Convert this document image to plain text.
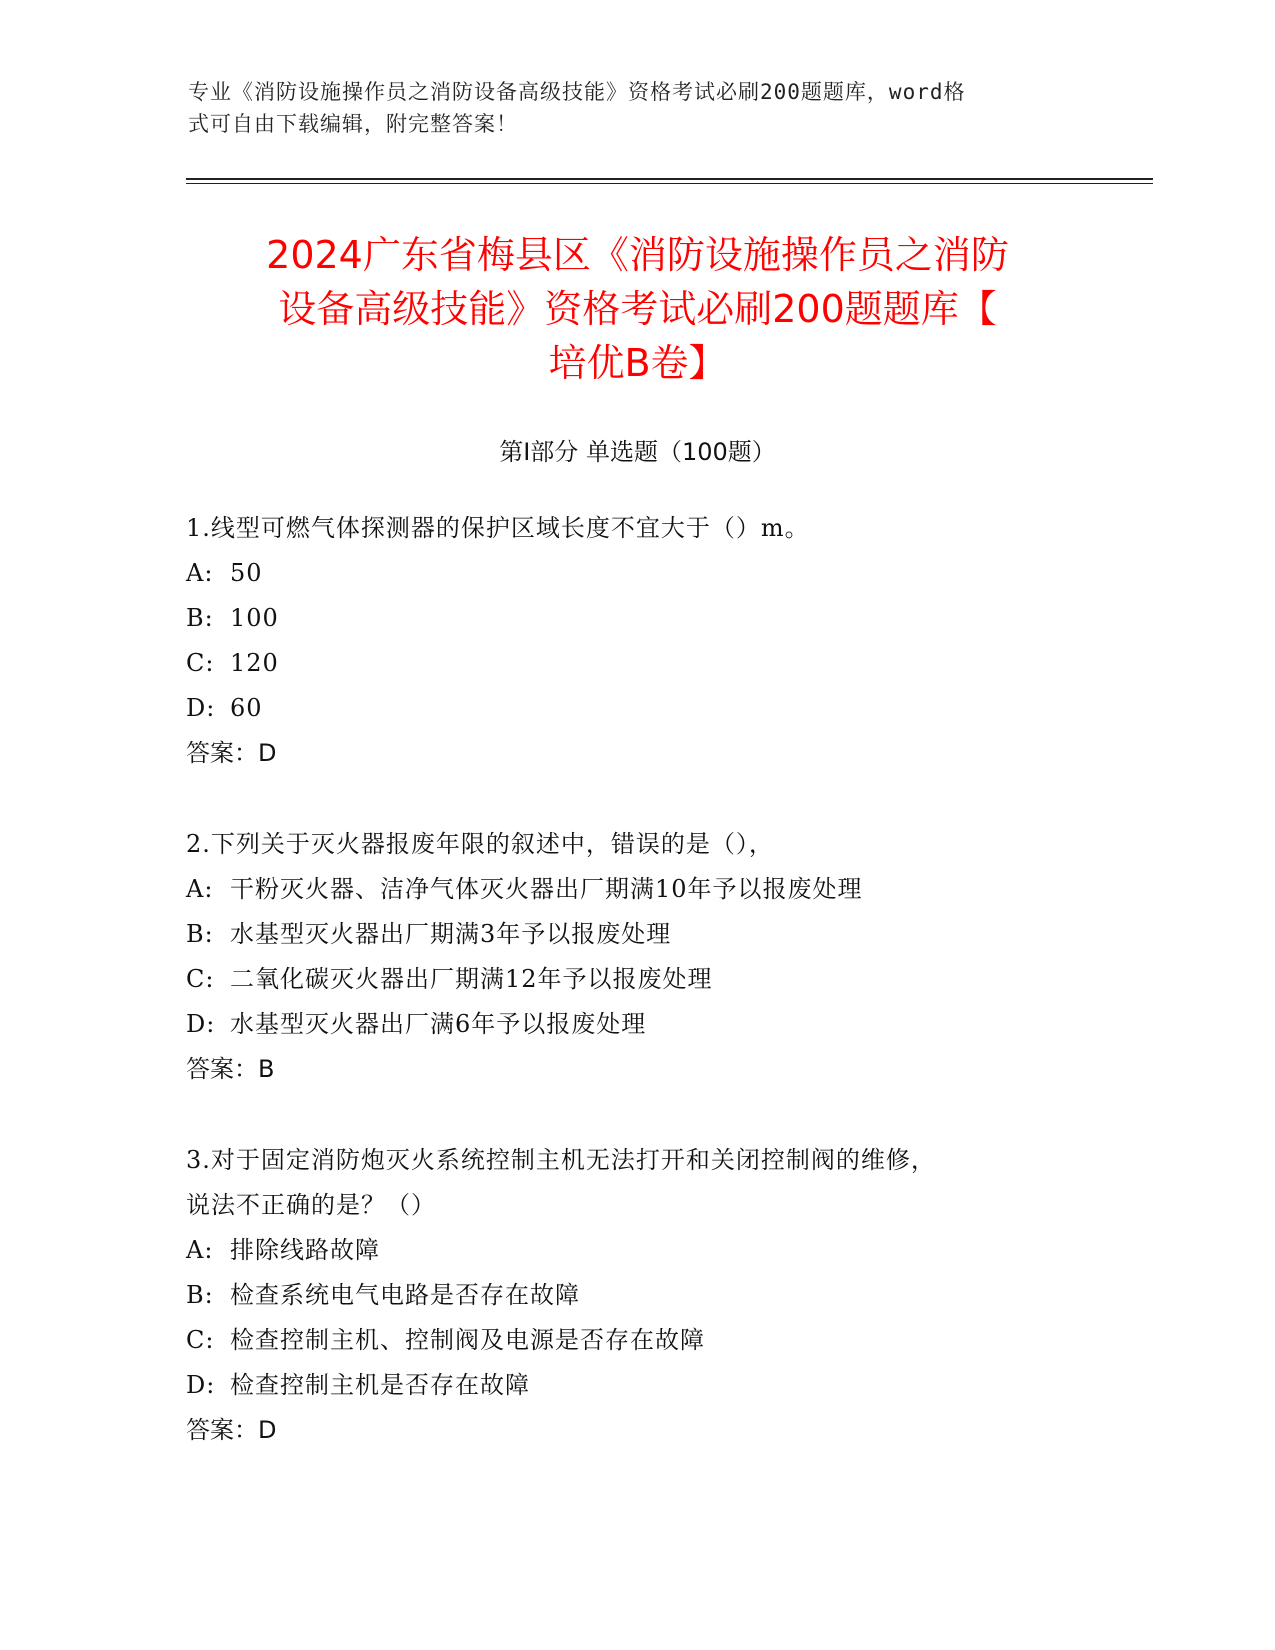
专业《消防设施操作员之消防设备高级技能》资格考试必刷200题题库，word格
式可自由下载编辑，附完整答案！
2024广东省梅县区《消防设施操作员之消防
设备高级技能》资格考试必刷200题题库【
培优B卷】
第I部分 单选题（100题）
1.线型可燃气体探测器的保护区域长度不宜大于（）m。
A: 50
B: 100
C: 120
D: 60
答案：D
2.下列关于灭火器报废年限的叙述中，错误的是（），
A: 干粉灭火器、洁净气体灭火器出厂期满10年予以报废处理
B: 水基型灭火器出厂期满3年予以报废处理
C: 二氧化碳灭火器出厂期满12年予以报废处理
D: 水基型灭火器出厂满6年予以报废处理
答案：B
3.对于固定消防炮灭火系统控制主机无法打开和关闭控制阀的维修，
说法不正确的是？（）
A: 排除线路故障
B: 检查系统电气电路是否存在故障
C: 检查控制主机、控制阀及电源是否存在故障
D: 检查控制主机是否存在故障
答案：D
